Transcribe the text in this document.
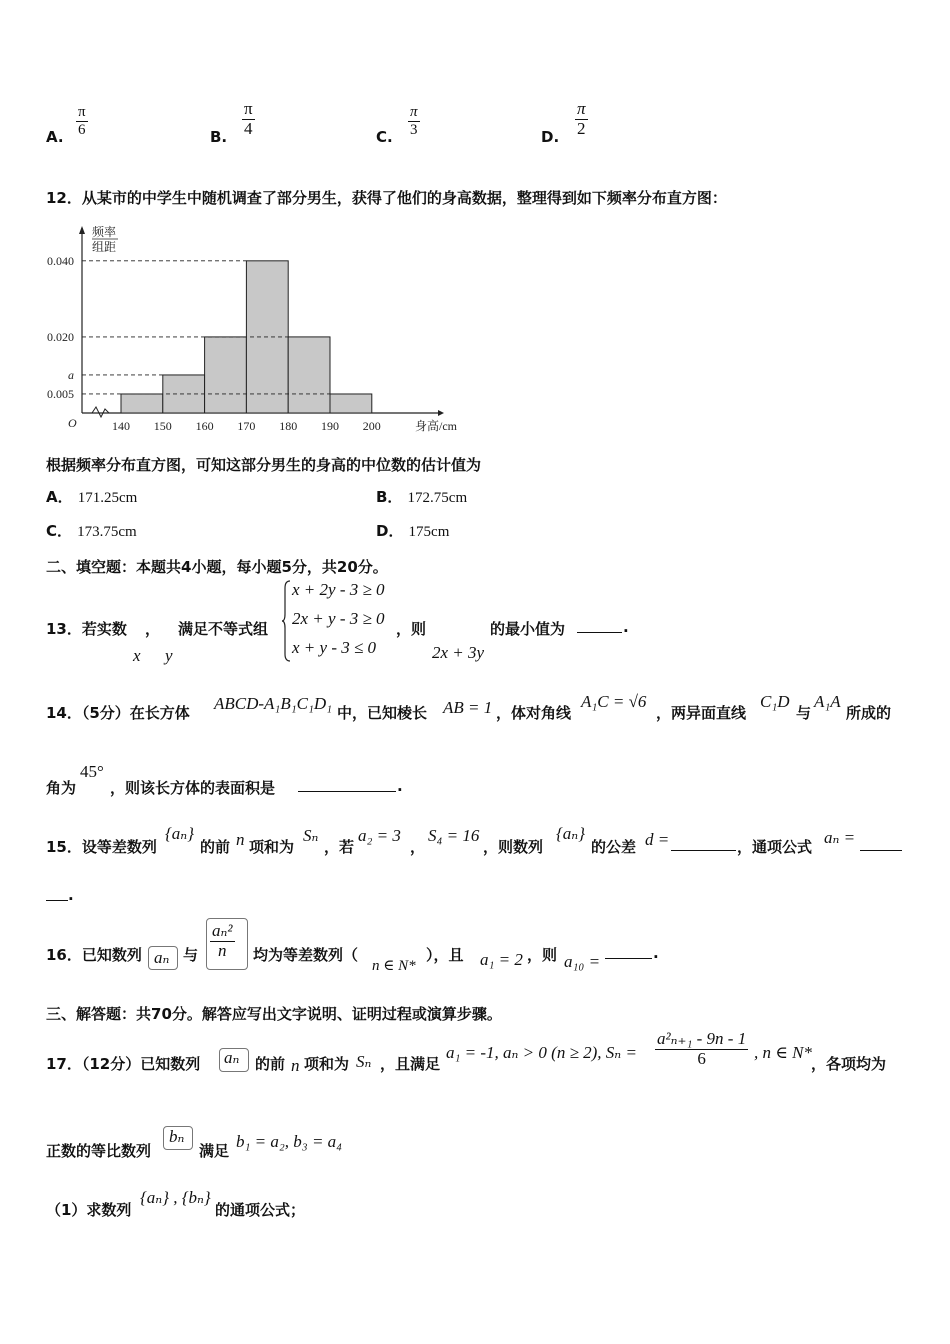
A. $\frac{\pi}{6}$	B. $\frac{\pi}{4}$	C. $\frac{\pi}{3}$	D. $\frac{\pi}{2}$
12．从某市的中学生中随机调查了部分男生，获得了他们的身高数据，整理得到如下频率分布直方图：
频率
组距
O
0.005
a
0.020
0.040
140 150 160 170 180 190 200	身高/cm
根据频率分布直方图，可知这部分男生的身高的中位数的估计值为
A． 171.25cm	B． 172.75cm
C． 173.75cm	D． 175cm
二、填空题：本题共4小题，每小题5分，共20分。
13．若实数 ，
x y
满足不等式组
x + 2y - 3 ≥ 0
2x + y - 3 ≥ 0
x + y - 3 ≤ 0
，则
2x + 3y
的最小值为	.
14．（5分）在长方体 ABCD-A₁B₁C₁D₁ 中，已知棱长 AB = 1 ，体对角线
A₁C = √6
，两异面直线
C₁D
与
A₁A
所成的
角为
45°
，则该长方体的表面积是	.
15．设等差数列
{aₙ}
的前 n 项和为
Sₙ
，若
a₂ = 3
，
S₄ = 16
，则数列
{aₙ}
的公差 d =	，通项公式 aₙ =
.
16．已知数列 aₙ 与 $\frac{\text{aₙ²}}{n}$ 均为等差数列（
n ∈ N*
），且 a₁ = 2 ，则 a₁₀ =	.
三、解答题：共70分。解答应写出文字说明、证明过程或演算步骤。
17．（12分）已知数列 aₙ 的前 n 项和为 Sₙ ，且满足
a₁ = -1, aₙ > 0 (n ≥ 2), $S_n = \frac{\text{a²ₙ₊₁ - 9n - 1}}{6}$ , n ∈ N*
，各项均为
正数的等比数列
bₙ
满足 b₁ = a₂, b₃ = a₄
（1）求数列
{aₙ} , {bₙ}
的通项公式；
